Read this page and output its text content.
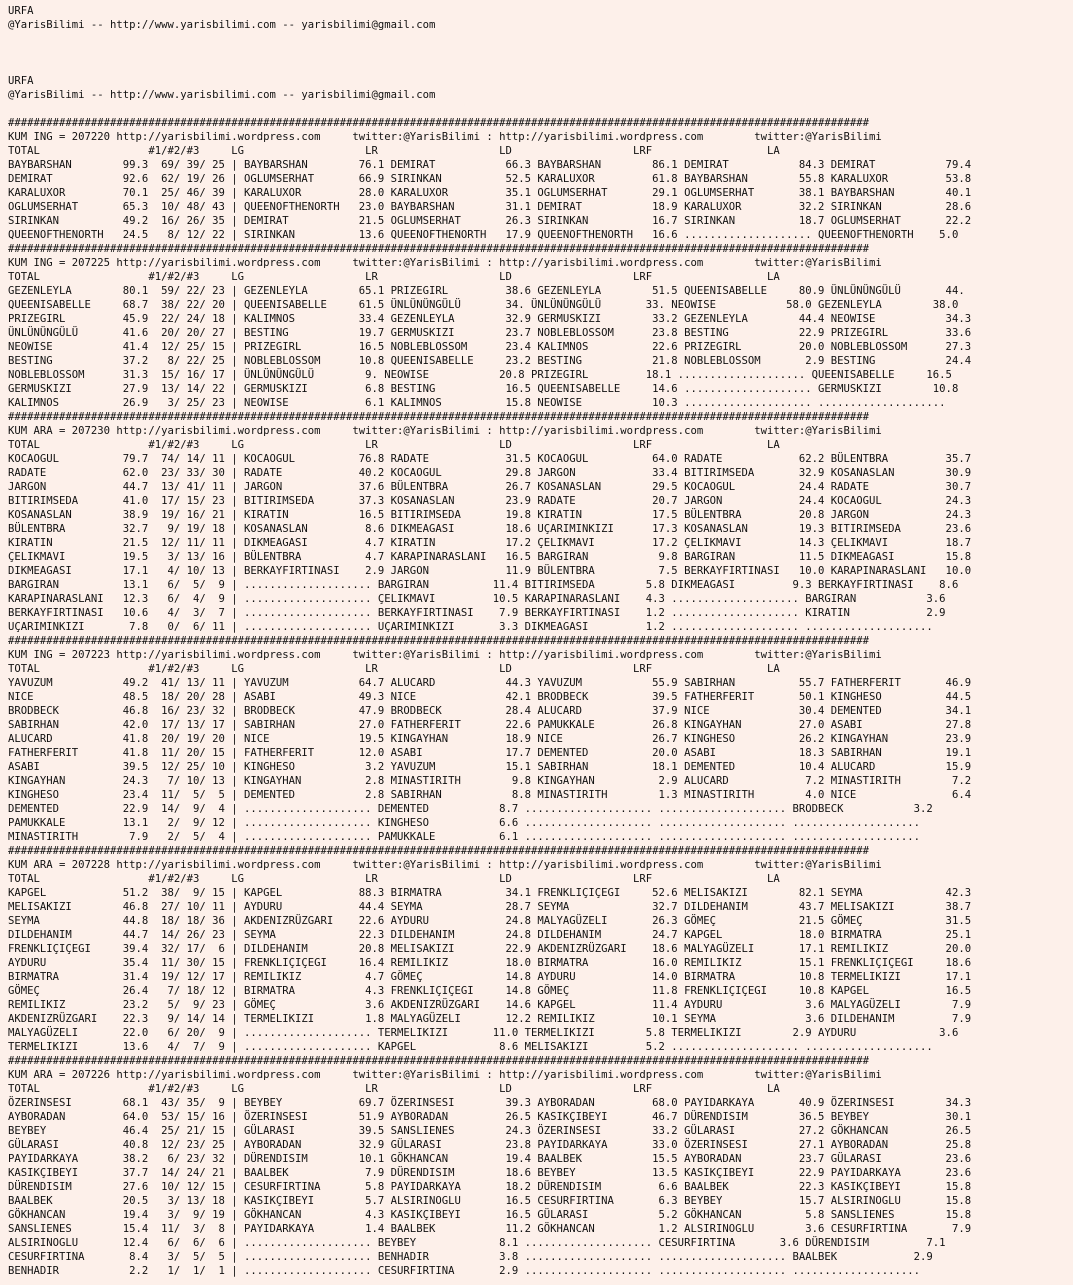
URFA
@YarisBilimi -- http://www.yarisbilimi.com -- yarisbilimi@gmail.com

URFA
@YarisBilimi -- http://www.yarisbilimi.com -- yarisbilimi@gmail.com

#######################################################################################################################################
KUM ING = 207220 http://yarisbilimi.wordpress.com     twitter:@YarisBilimi : http://yarisbilimi.wordpress.com        twitter:@YarisBilimi
TOTAL                 #1/#2/#3     LG                   LR                   LD                   LRF                  LA
BAYBARSHAN        99.3  69/ 39/ 25 | BAYBARSHAN        76.1 DEMIRAT           66.3 BAYBARSHAN        86.1 DEMIRAT           84.3 DEMIRAT           79.4
DEMIRAT           92.6  62/ 19/ 26 | OGLUMSERHAT       66.9 SIRINKAN          52.5 KARALUXOR         61.8 BAYBARSHAN        55.8 KARALUXOR         53.8
KARALUXOR         70.1  25/ 46/ 39 | KARALUXOR         28.0 KARALUXOR         35.1 OGLUMSERHAT       29.1 OGLUMSERHAT       38.1 BAYBARSHAN        40.1
OGLUMSERHAT       65.3  10/ 48/ 43 | QUEENOFTHENORTH   23.0 BAYBARSHAN        31.1 DEMIRAT           18.9 KARALUXOR         32.2 SIRINKAN          28.6
SIRINKAN          49.2  16/ 26/ 35 | DEMIRAT           21.5 OGLUMSERHAT       26.3 SIRINKAN          16.7 SIRINKAN          18.7 OGLUMSERHAT       22.2
QUEENOFTHENORTH   24.5   8/ 12/ 22 | SIRINKAN          13.6 QUEENOFTHENORTH   17.9 QUEENOFTHENORTH   16.6 .................... QUEENOFTHENORTH    5.0
#######################################################################################################################################
KUM ING = 207225 http://yarisbilimi.wordpress.com     twitter:@YarisBilimi : http://yarisbilimi.wordpress.com        twitter:@YarisBilimi
TOTAL                 #1/#2/#3     LG                   LR                   LD                   LRF                  LA
GEZENLEYLA        80.1  59/ 22/ 23 | GEZENLEYLA        65.1 PRIZEGIRL         38.6 GEZENLEYLA        51.5 QUEENISABELLE     80.9 ÜNLÜNÜNGÜLÜ       44.
QUEENISABELLE     68.7  38/ 22/ 20 | QUEENISABELLE     61.5 ÜNLÜNÜNGÜLÜ       34. ÜNLÜNÜNGÜLÜ       33. NEOWISE           58.0 GEZENLEYLA        38.0
PRIZEGIRL         45.9  22/ 24/ 18 | KALIMNOS          33.4 GEZENLEYLA        32.9 GERMUSKIZI        33.2 GEZENLEYLA        44.4 NEOWISE           34.3
ÜNLÜNÜNGÜLÜ       41.6  20/ 20/ 27 | BESTING           19.7 GERMUSKIZI        23.7 NOBLEBLOSSOM      23.8 BESTING           22.9 PRIZEGIRL         33.6
NEOWISE           41.4  12/ 25/ 15 | PRIZEGIRL         16.5 NOBLEBLOSSOM      23.4 KALIMNOS          22.6 PRIZEGIRL         20.0 NOBLEBLOSSOM      27.3
BESTING           37.2   8/ 22/ 25 | NOBLEBLOSSOM      10.8 QUEENISABELLE     23.2 BESTING           21.8 NOBLEBLOSSOM       2.9 BESTING           24.4
NOBLEBLOSSOM      31.3  15/ 16/ 17 | ÜNLÜNÜNGÜLÜ        9. NEOWISE           20.8 PRIZEGIRL         18.1 .................... QUEENISABELLE     16.5
GERMUSKIZI        27.9  13/ 14/ 22 | GERMUSKIZI         6.8 BESTING           16.5 QUEENISABELLE     14.6 .................... GERMUSKIZI        10.8
KALIMNOS          26.9   3/ 25/ 23 | NEOWISE            6.1 KALIMNOS          15.8 NEOWISE           10.3 .................... ....................
#######################################################################################################################################
KUM ARA = 207230 http://yarisbilimi.wordpress.com     twitter:@YarisBilimi : http://yarisbilimi.wordpress.com        twitter:@YarisBilimi
TOTAL                 #1/#2/#3     LG                   LR                   LD                   LRF                  LA
KOCAOGUL          79.7  74/ 14/ 11 | KOCAOGUL          76.8 RADATE            31.5 KOCAOGUL          64.0 RADATE            62.2 BÜLENTBRA         35.7
RADATE            62.0  23/ 33/ 30 | RADATE            40.2 KOCAOGUL          29.8 JARGON            33.4 BITIRIMSEDA       32.9 KOSANASLAN        30.9
JARGON            44.7  13/ 41/ 11 | JARGON            37.6 BÜLENTBRA         26.7 KOSANASLAN        29.5 KOCAOGUL          24.4 RADATE            30.7
BITIRIMSEDA       41.0  17/ 15/ 23 | BITIRIMSEDA       37.3 KOSANASLAN        23.9 RADATE            20.7 JARGON            24.4 KOCAOGUL          24.3
KOSANASLAN        38.9  19/ 16/ 21 | KIRATIN           16.5 BITIRIMSEDA       19.8 KIRATIN           17.5 BÜLENTBRA         20.8 JARGON            24.3
BÜLENTBRA         32.7   9/ 19/ 18 | KOSANASLAN         8.6 DIKMEAGASI        18.6 UÇARIMINKIZI      17.3 KOSANASLAN        19.3 BITIRIMSEDA       23.6
KIRATIN           21.5  12/ 11/ 11 | DIKMEAGASI         4.7 KIRATIN           17.2 ÇELIKMAVI         17.2 ÇELIKMAVI         14.3 ÇELIKMAVI         18.7
ÇELIKMAVI         19.5   3/ 13/ 16 | BÜLENTBRA          4.7 KARAPINARASLANI   16.5 BARGIRAN           9.8 BARGIRAN          11.5 DIKMEAGASI        15.8
DIKMEAGASI        17.1   4/ 10/ 13 | BERKAYFIRTINASI    2.9 JARGON            11.9 BÜLENTBRA          7.5 BERKAYFIRTINASI   10.0 KARAPINARASLANI   10.0
BARGIRAN          13.1   6/  5/  9 | .................... BARGIRAN          11.4 BITIRIMSEDA        5.8 DIKMEAGASI         9.3 BERKAYFIRTINASI    8.6
KARAPINARASLANI   12.3   6/  4/  9 | .................... ÇELIKMAVI         10.5 KARAPINARASLANI    4.3 .................... BARGIRAN           3.6
BERKAYFIRTINASI   10.6   4/  3/  7 | .................... BERKAYFIRTINASI    7.9 BERKAYFIRTINASI    1.2 .................... KIRATIN            2.9
UÇARIMINKIZI       7.8   0/  6/ 11 | .................... UÇARIMINKIZI       3.3 DIKMEAGASI         1.2 .................... ....................
#######################################################################################################################################
KUM ING = 207223 http://yarisbilimi.wordpress.com     twitter:@YarisBilimi : http://yarisbilimi.wordpress.com        twitter:@YarisBilimi
TOTAL                 #1/#2/#3     LG                   LR                   LD                   LRF                  LA
YAVUZUM           49.2  41/ 13/ 11 | YAVUZUM           64.7 ALUCARD           44.3 YAVUZUM           55.9 SABIRHAN          55.7 FATHERFERIT       46.9
NICE              48.5  18/ 20/ 28 | ASABI             49.3 NICE              42.1 BRODBECK          39.5 FATHERFERIT       50.1 KINGHESO          44.5
BRODBECK          46.8  16/ 23/ 32 | BRODBECK          47.9 BRODBECK          28.4 ALUCARD           37.9 NICE              30.4 DEMENTED          34.1
SABIRHAN          42.0  17/ 13/ 17 | SABIRHAN          27.0 FATHERFERIT       22.6 PAMUKKALE         26.8 KINGAYHAN         27.0 ASABI             27.8
ALUCARD           41.8  20/ 19/ 20 | NICE              19.5 KINGAYHAN         18.9 NICE              26.7 KINGHESO          26.2 KINGAYHAN         23.9
FATHERFERIT       41.8  11/ 20/ 15 | FATHERFERIT       12.0 ASABI             17.7 DEMENTED          20.0 ASABI             18.3 SABIRHAN          19.1
ASABI             39.5  12/ 25/ 10 | KINGHESO           3.2 YAVUZUM           15.1 SABIRHAN          18.1 DEMENTED          10.4 ALUCARD           15.9
KINGAYHAN         24.3   7/ 10/ 13 | KINGAYHAN          2.8 MINASTIRITH        9.8 KINGAYHAN          2.9 ALUCARD            7.2 MINASTIRITH        7.2
KINGHESO          23.4  11/  5/  5 | DEMENTED           2.8 SABIRHAN           8.8 MINASTIRITH        1.3 MINASTIRITH        4.0 NICE               6.4
DEMENTED          22.9  14/  9/  4 | .................... DEMENTED           8.7 .................... .................... BRODBECK           3.2
PAMUKKALE         13.1   2/  9/ 12 | .................... KINGHESO           6.6 .................... .................... ....................
MINASTIRITH        7.9   2/  5/  4 | .................... PAMUKKALE          6.1 .................... .................... ....................
#######################################################################################################################################
KUM ARA = 207228 http://yarisbilimi.wordpress.com     twitter:@YarisBilimi : http://yarisbilimi.wordpress.com        twitter:@YarisBilimi
TOTAL                 #1/#2/#3     LG                   LR                   LD                   LRF                  LA
KAPGEL            51.2  38/  9/ 15 | KAPGEL            88.3 BIRMATRA          34.1 FRENKLIÇIÇEGI     52.6 MELISAKIZI        82.1 SEYMA             42.3
MELISAKIZI        46.8  27/ 10/ 11 | AYDURU            44.4 SEYMA             28.7 SEYMA             32.7 DILDEHANIM        43.7 MELISAKIZI        38.7
SEYMA             44.8  18/ 18/ 36 | AKDENIZRÜZGARI    22.6 AYDURU            24.8 MALYAGÜZELI       26.3 GÖMEÇ             21.5 GÖMEÇ             31.5
DILDEHANIM        44.7  14/ 26/ 23 | SEYMA             22.3 DILDEHANIM        24.8 DILDEHANIM        24.7 KAPGEL            18.0 BIRMATRA          25.1
FRENKLIÇIÇEGI     39.4  32/ 17/  6 | DILDEHANIM        20.8 MELISAKIZI        22.9 AKDENIZRÜZGARI    18.6 MALYAGÜZELI       17.1 REMILIKIZ         20.0
AYDURU            35.4  11/ 30/ 15 | FRENKLIÇIÇEGI     16.4 REMILIKIZ         18.0 BIRMATRA          16.0 REMILIKIZ         15.1 FRENKLIÇIÇEGI     18.6
BIRMATRA          31.4  19/ 12/ 17 | REMILIKIZ          4.7 GÖMEÇ             14.8 AYDURU            14.0 BIRMATRA          10.8 TERMELIKIZI       17.1
GÖMEÇ             26.4   7/ 18/ 12 | BIRMATRA           4.3 FRENKLIÇIÇEGI     14.8 GÖMEÇ             11.8 FRENKLIÇIÇEGI     10.8 KAPGEL            16.5
REMILIKIZ         23.2   5/  9/ 23 | GÖMEÇ              3.6 AKDENIZRÜZGARI    14.6 KAPGEL            11.4 AYDURU             3.6 MALYAGÜZELI        7.9
AKDENIZRÜZGARI    22.3   9/ 14/ 14 | TERMELIKIZI        1.8 MALYAGÜZELI       12.2 REMILIKIZ         10.1 SEYMA              3.6 DILDEHANIM         7.9
MALYAGÜZELI       22.0   6/ 20/  9 | .................... TERMELIKIZI       11.0 TERMELIKIZI        5.8 TERMELIKIZI        2.9 AYDURU             3.6
TERMELIKIZI       13.6   4/  7/  9 | .................... KAPGEL             8.6 MELISAKIZI         5.2 .................... ....................
#######################################################################################################################################
KUM ARA = 207226 http://yarisbilimi.wordpress.com     twitter:@YarisBilimi : http://yarisbilimi.wordpress.com        twitter:@YarisBilimi
TOTAL                 #1/#2/#3     LG                   LR                   LD                   LRF                  LA
ÖZERINSESI        68.1  43/ 35/  9 | BEYBEY            69.7 ÖZERINSESI        39.3 AYBORADAN         68.0 PAYIDARKAYA       40.9 ÖZERINSESI        34.3
AYBORADAN         64.0  53/ 15/ 16 | ÖZERINSESI        51.9 AYBORADAN         26.5 KASIKÇIBEYI       46.7 DÜRENDISIM        36.5 BEYBEY            30.1
BEYBEY            46.4  25/ 21/ 15 | GÜLARASI          39.5 SANSLIENES        24.3 ÖZERINSESI        33.2 GÜLARASI          27.2 GÖKHANCAN         26.5
GÜLARASI          40.8  12/ 23/ 25 | AYBORADAN         32.9 GÜLARASI          23.8 PAYIDARKAYA       33.0 ÖZERINSESI        27.1 AYBORADAN         25.8
PAYIDARKAYA       38.2   6/ 23/ 32 | DÜRENDISIM        10.1 GÖKHANCAN         19.4 BAALBEK           15.5 AYBORADAN         23.7 GÜLARASI          23.6
KASIKÇIBEYI       37.7  14/ 24/ 21 | BAALBEK            7.9 DÜRENDISIM        18.6 BEYBEY            13.5 KASIKÇIBEYI       22.9 PAYIDARKAYA       23.6
DÜRENDISIM        27.6  10/ 12/ 15 | CESURFIRTINA       5.8 PAYIDARKAYA       18.2 DÜRENDISIM         6.6 BAALBEK           22.3 KASIKÇIBEYI       15.8
BAALBEK           20.5   3/ 13/ 18 | KASIKÇIBEYI        5.7 ALSIRINOGLU       16.5 CESURFIRTINA       6.3 BEYBEY            15.7 ALSIRINOGLU       15.8
GÖKHANCAN         19.4   3/  9/ 19 | GÖKHANCAN          4.3 KASIKÇIBEYI       16.5 GÜLARASI           5.2 GÖKHANCAN          5.8 SANSLIENES        15.8
SANSLIENES        15.4  11/  3/  8 | PAYIDARKAYA        1.4 BAALBEK           11.2 GÖKHANCAN          1.2 ALSIRINOGLU        3.6 CESURFIRTINA       7.9
ALSIRINOGLU       12.4   6/  6/  6 | .................... BEYBEY             8.1 .................... CESURFIRTINA       3.6 DÜRENDISIM         7.1
CESURFIRTINA       8.4   3/  5/  5 | .................... BENHADIR           3.8 .................... .................... BAALBEK            2.9
BENHADIR           2.2   1/  1/  1 | .................... CESURFIRTINA       2.9 .................... .................... ....................
